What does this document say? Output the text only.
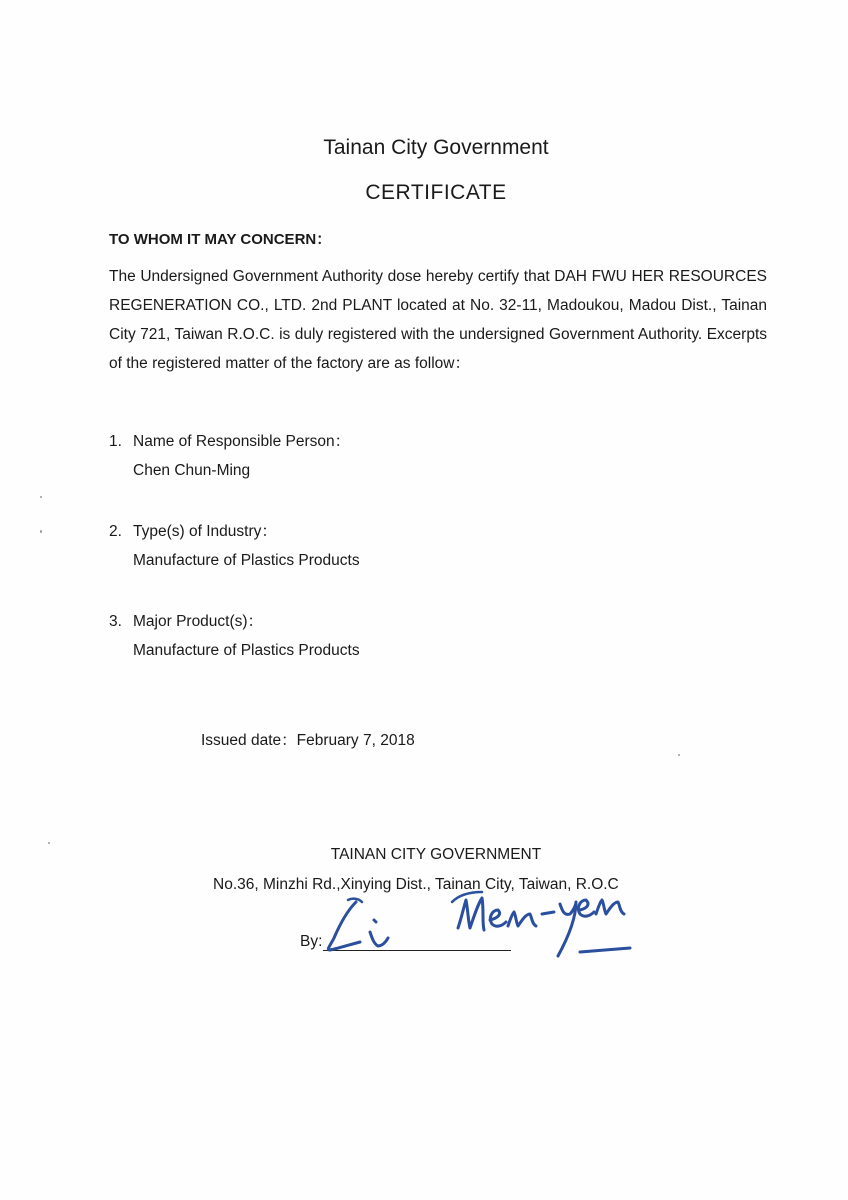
Tainan City Government
CERTIFICATE
TO WHOM IT MAY CONCERN：
The Undersigned Government Authority dose hereby certify that DAH FWU HER RESOURCES REGENERATION CO., LTD. 2nd PLANT located at No. 32-11, Madoukou, Madou Dist., Tainan City 721, Taiwan R.O.C. is duly registered with the undersigned Government Authority. Excerpts of the registered matter of the factory are as follow：
1. Name of Responsible Person：
Chen Chun-Ming
2. Type(s) of Industry：
Manufacture of Plastics Products
3. Major Product(s)：
Manufacture of Plastics Products
Issued date：February 7, 2018
TAINAN CITY GOVERNMENT
No.36, Minzhi Rd.,Xinying Dist., Tainan City, Taiwan, R.O.C
By:
